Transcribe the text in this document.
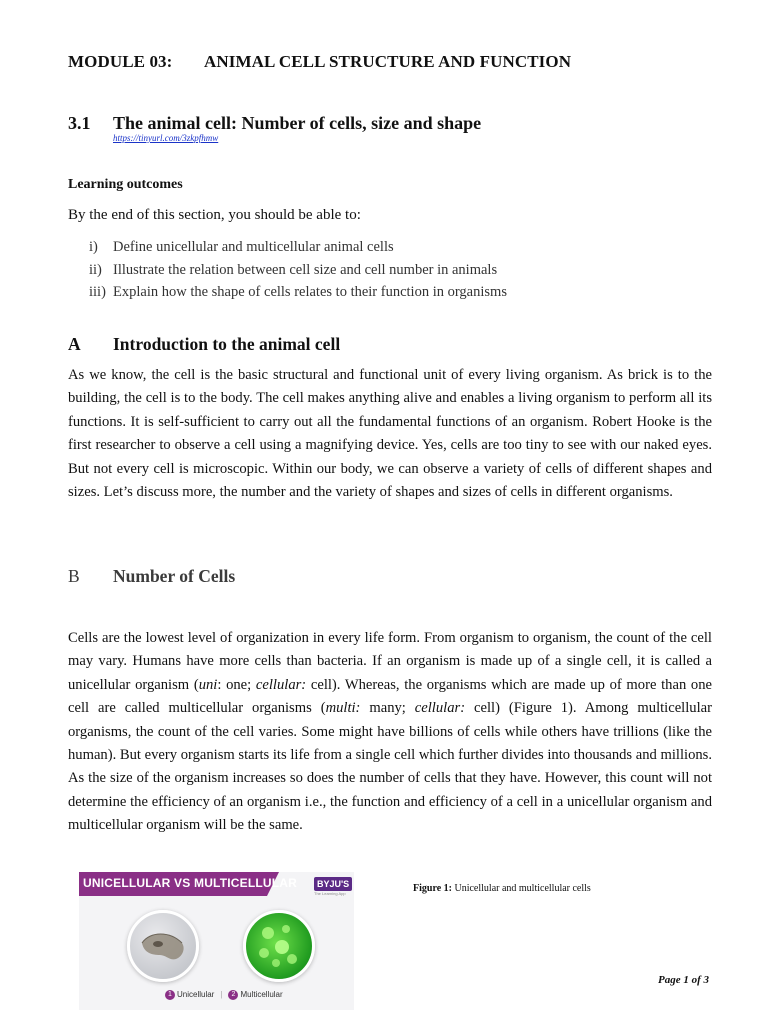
MODULE 03: ANIMAL CELL STRUCTURE AND FUNCTION
3.1 The animal cell: Number of cells, size and shape
https://tinyurl.com/3zkpfhmw
Learning outcomes
By the end of this section, you should be able to:
i) Define unicellular and multicellular animal cells
ii) Illustrate the relation between cell size and cell number in animals
iii) Explain how the shape of cells relates to their function in organisms
A Introduction to the animal cell

As we know, the cell is the basic structural and functional unit of every living organism. As brick is to the building, the cell is to the body. The cell makes anything alive and enables a living organism to perform all its functions. It is self-sufficient to carry out all the fundamental functions of an organism. Robert Hooke is the first researcher to observe a cell using a magnifying device. Yes, cells are too tiny to see with our naked eyes. But not every cell is microscopic. Within our body, we can observe a variety of cells of different shapes and sizes. Let’s discuss more, the number and the variety of shapes and sizes of cells in different organisms.

B Number of Cells

Cells are the lowest level of organization in every life form. From organism to organism, the count of the cell may vary. Humans have more cells than bacteria. If an organism is made up of a single cell, it is called a unicellular organism (uni: one; cellular: cell). Whereas, the organisms which are made up of more than one cell are called multicellular organisms (multi: many; cellular: cell) (Figure 1). Among multicellular organisms, the count of the cell varies. Some might have billions of cells while others have trillions (like the human). But every organism starts its life from a single cell which further divides into thousands and millions. As the size of the organism increases so does the number of cells that they have. However, this count will not determine the efficiency of an organism i.e., the function and efficiency of a cell in a unicellular organism and multicellular organism will be the same.

UNICELLULAR VS MULTICELLULAR	BYJU'S
The Learning App
1 Unicellular | 2 Multicellular
Figure 1: Unicellular and multicellular cells
Page 1 of 3
